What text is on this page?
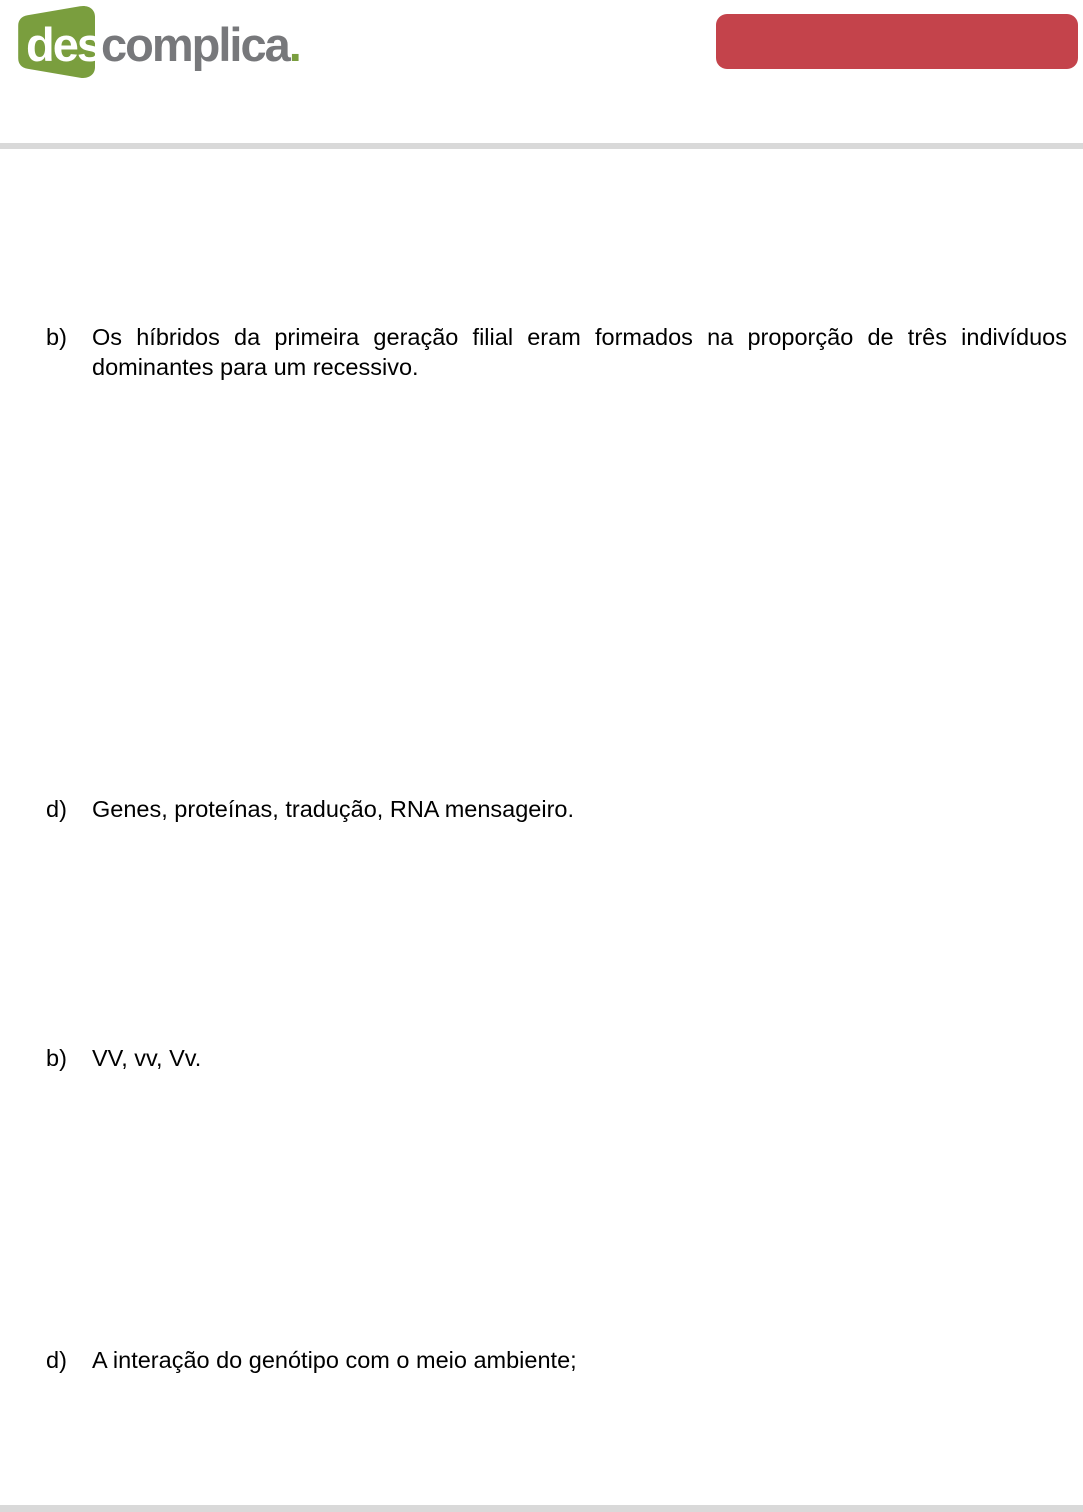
descomplica.
b) Os híbridos da primeira geração filial eram formados na proporção de três indivíduos dominantes para um recessivo.
d) Genes, proteínas, tradução, RNA mensageiro.
b) VV, vv, Vv.
d) A interação do genótipo com o meio ambiente;
